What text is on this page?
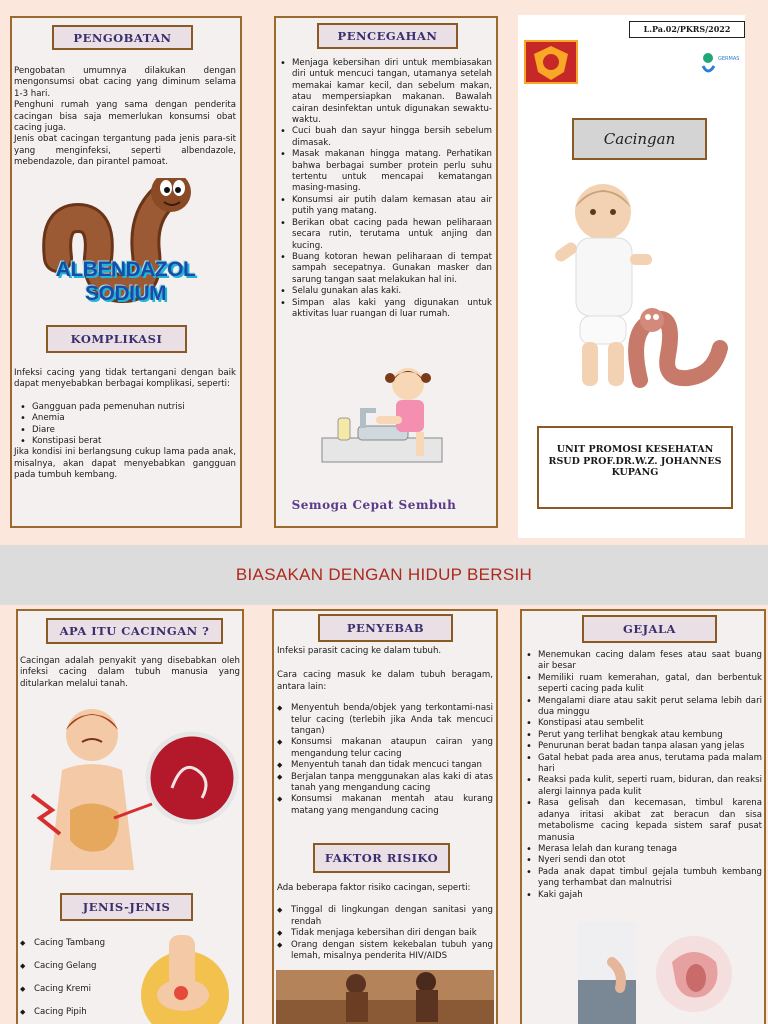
PENGOBATAN

Pengobatan umumnya dilakukan dengan mengonsumsi obat cacing yang diminum selama 1-3 hari.

Penghuni rumah yang sama dengan penderita cacingan bisa saja memerlukan konsumsi obat cacing juga.

Jenis obat cacingan tergantung pada jenis para-sit yang menginfeksi, seperti albendazole, mebendazole, dan pirantel pamoat.

ALBENDAZOL SODIUM
KOMPLIKASI

Infeksi cacing yang tidak tertangani dengan baik dapat menyebabkan berbagai komplikasi, seperti:

• Gangguan pada pemenuhan nutrisi
• Anemia
• Diare
• Konstipasi berat

Jika kondisi ini berlangsung cukup lama pada anak, misalnya, akan dapat menyebabkan gangguan pada tumbuh kembang.

PENCEGAHAN
• Menjaga kebersihan diri untuk membiasakan diri untuk mencuci tangan, utamanya setelah memakai kamar kecil, dan sebelum makan, atau mempersiapkan makanan. Bawalah cairan desinfektan untuk digunakan sewaktu-waktu.
• Cuci buah dan sayur hingga bersih sebelum dimasak.
• Masak makanan hingga matang. Perhatikan bahwa berbagai sumber protein perlu suhu tertentu untuk mencapai kematangan masing-masing.
• Konsumsi air putih dalam kemasan atau air putih yang matang.
• Berikan obat cacing pada hewan peliharaan secara rutin, terutama untuk anjing dan kucing.
• Buang kotoran hewan peliharaan di tempat sampah secepatnya. Gunakan masker dan sarung tangan saat melakukan hal ini.
• Selalu gunakan alas kaki.
• Simpan alas kaki yang digunakan untuk aktivitas luar ruangan di luar rumah.
Semoga Cepat Sembuh
L.Pa.02/PKRS/2022
GERMAS
Cacingan
UNIT PROMOSI KESEHATAN
RSUD PROF.DR.W.Z. JOHANNES
KUPANG
BIASAKAN DENGAN HIDUP BERSIH
APA ITU CACINGAN ?
Cacingan adalah penyakit yang disebabkan oleh infeksi cacing dalam tubuh manusia yang ditularkan melalui tanah.
JENIS-JENIS
◆ Cacing Tambang
◆ Cacing Gelang
◆ Cacing Kremi
◆ Cacing Pipih
PENYEBAB

Infeksi parasit cacing ke dalam tubuh.

Cara cacing masuk ke dalam tubuh beragam, antara lain:

◆ Menyentuh benda/objek yang terkontami-nasi telur cacing (terlebih jika Anda tak mencuci tangan)
◆ Konsumsi makanan ataupun cairan yang mengandung telur cacing
◆ Menyentuh tanah dan tidak mencuci tangan
◆ Berjalan tanpa menggunakan alas kaki di atas tanah yang mengandung cacing
◆ Konsumsi makanan mentah atau kurang matang yang mengandung cacing
FAKTOR RISIKO

Ada beberapa faktor risiko cacingan, seperti:

◆ Tinggal di lingkungan dengan sanitasi yang rendah
◆ Tidak menjaga kebersihan diri dengan baik
◆ Orang dengan sistem kekebalan tubuh yang lemah, misalnya penderita HIV/AIDS
GEJALA
• Menemukan cacing dalam feses atau saat buang air besar
• Memiliki ruam kemerahan, gatal, dan berbentuk seperti cacing pada kulit
• Mengalami diare atau sakit perut selama lebih dari dua minggu
• Konstipasi atau sembelit
• Perut yang terlihat bengkak atau kembung
• Penurunan berat badan tanpa alasan yang jelas
• Gatal hebat pada area anus, terutama pada malam hari
• Reaksi pada kulit, seperti ruam, biduran, dan reaksi alergi lainnya pada kulit
• Rasa gelisah dan kecemasan, timbul karena adanya iritasi akibat zat beracun dan sisa metabolisme cacing kepada sistem saraf pusat manusia
• Merasa lelah dan kurang tenaga
• Nyeri sendi dan otot
• Pada anak dapat timbul gejala tumbuh kembang yang terhambat dan malnutrisi
• Kaki gajah
